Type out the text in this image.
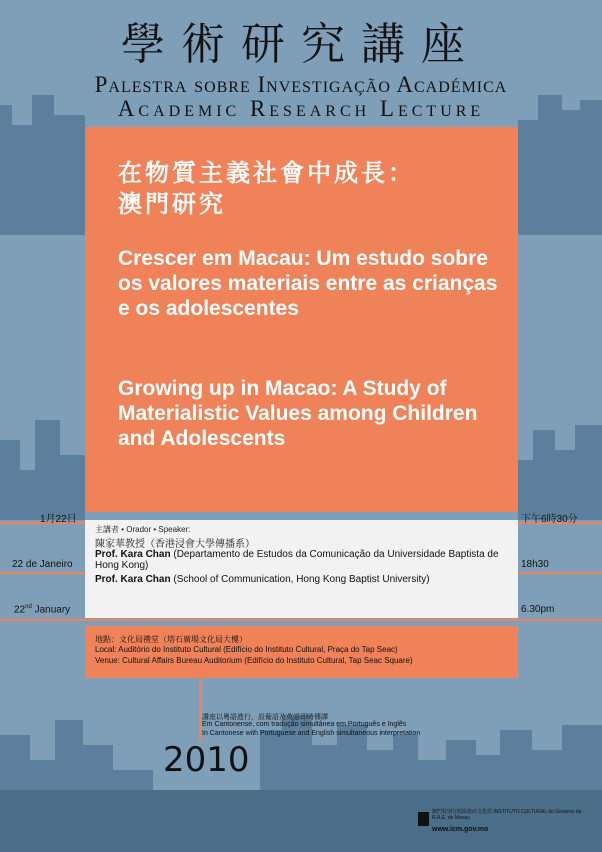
學術研究講座
Palestra sobre Investigação Académica
Academic Research Lecture
在物質主義社會中成長：
澳門研究
Crescer em Macau: Um estudo sobre os valores materiais entre as crianças e os adolescentes
Growing up in Macao: A Study of Materialistic Values among Children and Adolescents
1月22日
22 de Janeiro
22nd January
下午6時30分
18h30
6.30pm
主講者 • Orador • Speaker:
陳家華教授（香港浸會大學傳播系）
Prof. Kara Chan (Departamento de Estudos da Comunicação da Universidade Baptista de Hong Kong)
Prof. Kara Chan (School of Communication, Hong Kong Baptist University)
地點：文化局禮堂（塔石廣場文化局大樓）
Local: Auditório do Instituto Cultural (Edifício do Instituto Cultural, Praça do Tap Seac)
Venue: Cultural Affairs Bureau Auditorium (Edifício do Instituto Cultural, Tap Seac Square)
講座以粵語進行，設葡語及英語即時傳譯
Em Cantonense, com tradução simultânea em Português e Inglês
In Cantonese with Portuguese and English simultaneous interpretation
2010
澳門特別行政區政府文化局 INSTITUTO CULTURAL do Governo da R.A.E. de Macau
www.icm.gov.mo
